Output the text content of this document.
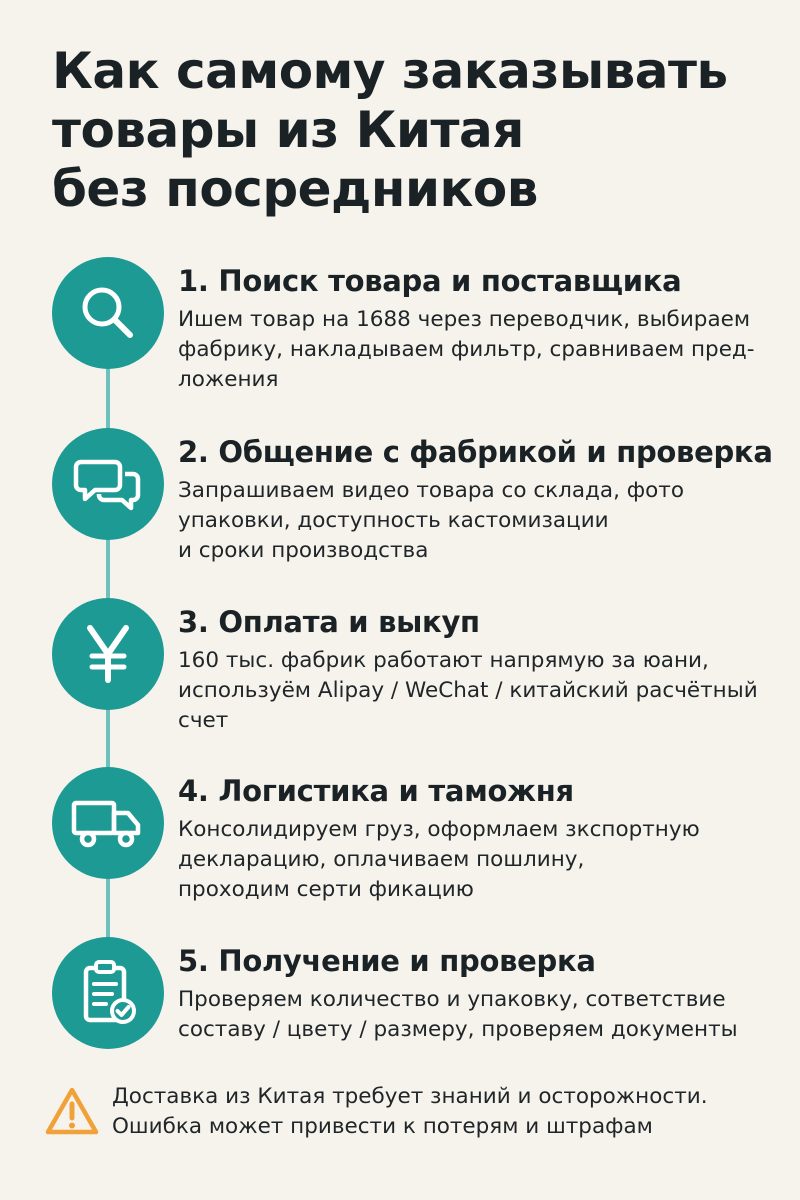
Как самому заказывать
товары из Китая
без посредников
1. Поиск товара и поставщика
Ишем товар на 1688 через переводчик, выбираем
фабрику, накладываем фильтр, сравниваем пред-
ложения
2. Общение с фабрикой и проверка
Запрашиваем видео товара со склада, фото
упаковки, доступность кастомизации
и сроки производства
3. Оплата и выкуп
160 тыс. фабрик работают напрямую за юани,
используём Alipay / WeChat / китайский расчётный
счет
4. Логистика и таможня
Консолидируем груз, оформлаем зкспортную
декларацию, оплачиваем пошлину,
проходим серти фикацию
5. Получение и проверка
Проверяем количество и упаковку, сответствие
составу / цвету / размеру, проверяем документы
Доставка из Китая требует знаний и осторожности.
Ошибка может привести к потерям и штрафам
